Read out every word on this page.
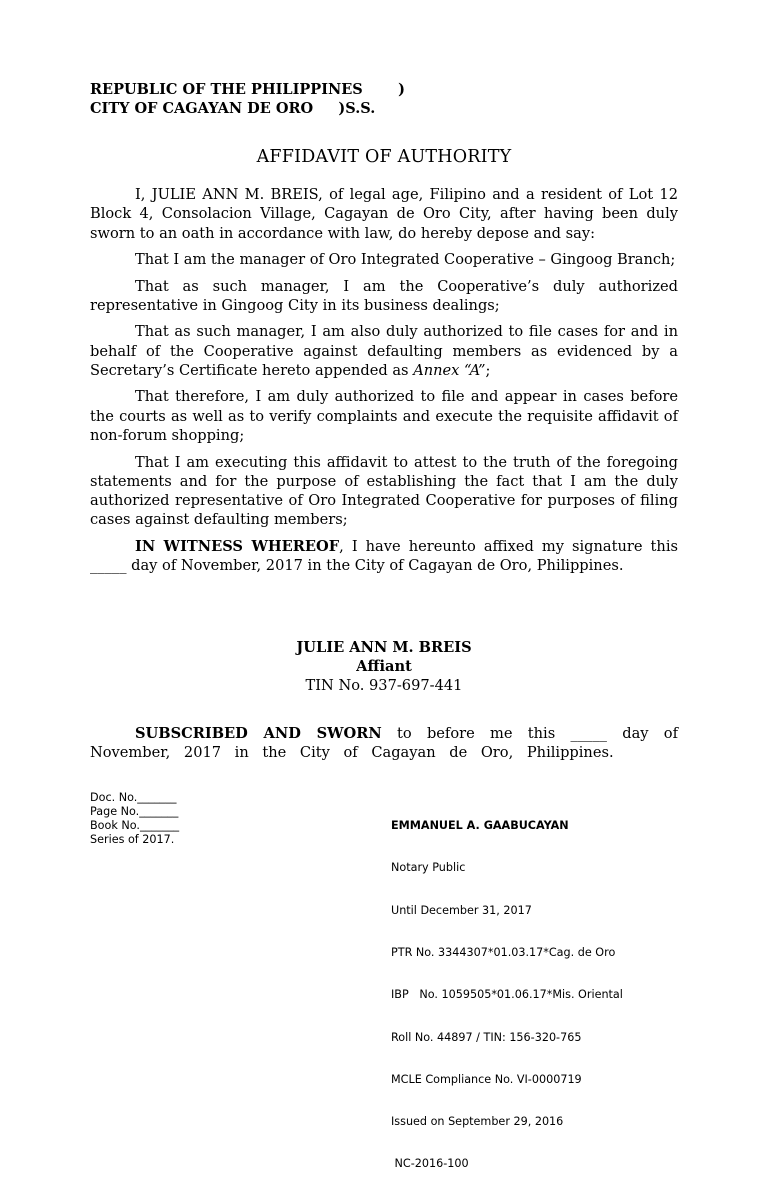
REPUBLIC OF THE PHILIPPINES       )
CITY OF CAGAYAN DE ORO     )S.S.
AFFIDAVIT OF AUTHORITY

I, JULIE ANN M. BREIS, of legal age, Filipino and a resident of Lot 12 Block 4, Consolacion Village, Cagayan de Oro City, after having been duly sworn to an oath in accordance with law, do hereby depose and say:

That I am the manager of Oro Integrated Cooperative – Gingoog Branch;

That as such manager, I am the Cooperative’s duly authorized representative in Gingoog City in its business dealings;

That as such manager, I am also duly authorized to file cases for and in behalf of the Cooperative against defaulting members as evidenced by a Secretary’s Certificate hereto appended as Annex “A”;

That therefore, I am duly authorized to file and appear in cases before the courts as well as to verify complaints and execute the requisite affidavit of non-forum shopping;

That I am executing this affidavit to attest to the truth of the foregoing statements and for the purpose of establishing the fact that I am the duly authorized representative of Oro Integrated Cooperative for purposes of filing cases against defaulting members;

IN WITNESS WHEREOF, I have hereunto affixed my signature this _____ day of November, 2017 in the City of Cagayan de Oro, Philippines.

JULIE ANN M. BREIS
Affiant
TIN No. 937-697-441
SUBSCRIBED AND SWORN to before me this _____ day of November, 2017 in the City of Cagayan de Oro, Philippines.
Doc. No._______
Page No._______
Book No._______
Series of 2017.

EMMANUEL A. GAABUCAYAN

Notary Public

Until December 31, 2017

PTR No. 3344307*01.03.17*Cag. de Oro

IBP   No. 1059505*01.06.17*Mis. Oriental

Roll No. 44897 / TIN: 156-320-765

MCLE Compliance No. VI-0000719

Issued on September 29, 2016

NC-2016-100
